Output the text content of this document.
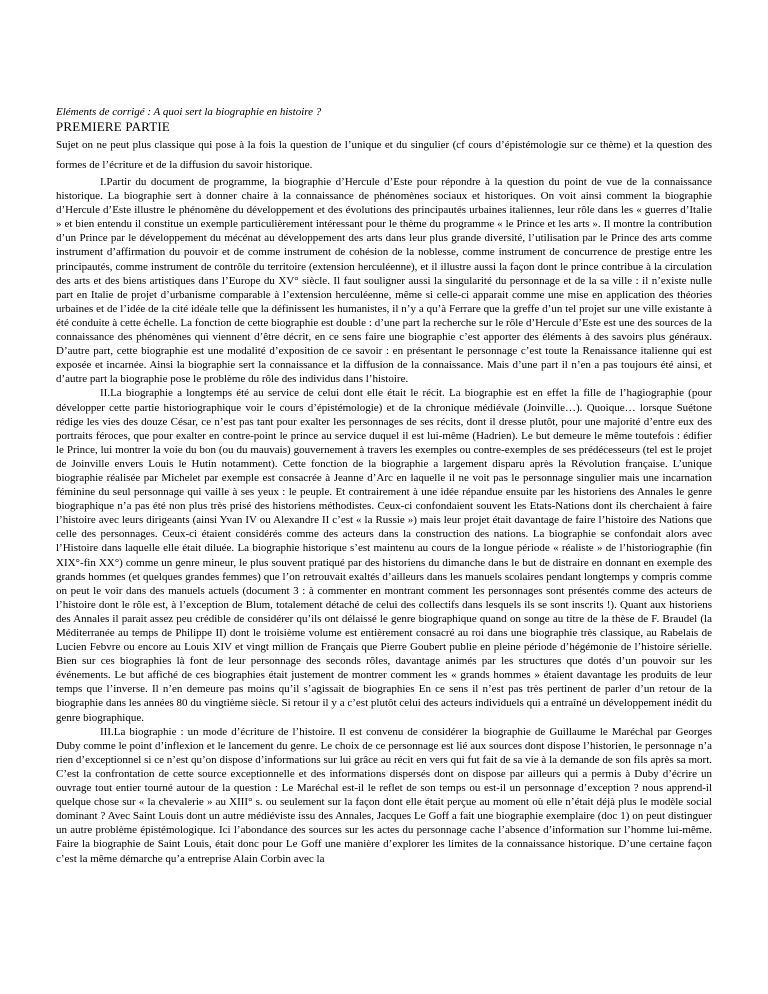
Eléments de corrigé : A quoi sert la biographie en histoire ?

PREMIERE PARTIE

Sujet on ne peut plus classique qui pose à la fois la question de l’unique et du singulier (cf cours d’épistémologie sur ce thème) et la question des formes de l’écriture et de la diffusion du savoir historique.

I.Partir du document de programme, la biographie d’Hercule d’Este pour répondre à la question du point de vue de la connaissance historique. La biographie sert à donner chaire à la connaissance de phénomènes sociaux et historiques. On voit ainsi comment la biographie d’Hercule d’Este illustre le phénomène du développement et des évolutions des principautés urbaines italiennes, leur rôle dans les « guerres d’Italie » et bien entendu il constitue un exemple particulièrement intéressant pour le thème du programme « le Prince et les arts ». Il montre la contribution d’un Prince par le développement du mécénat au développement des arts dans leur plus grande diversité, l’utilisation par le Prince des arts comme instrument d’affirmation du pouvoir et de comme instrument de cohésion de la noblesse, comme instrument de concurrence de prestige entre les principautés, comme instrument de contrôle du territoire (extension herculéenne), et il illustre aussi la façon dont le prince contribue à la circulation des arts et des biens artistiques dans l’Europe du XV° siècle. Il faut souligner aussi la singularité du personnage et de la sa ville : il n’existe nulle part en Italie de projet d’urbanisme comparable à l’extension herculéenne, même si celle-ci apparait comme une mise en application des théories urbaines et de l’idée de la cité idéale telle que la définissent les humanistes, il n’y a qu’à Ferrare que la greffe d’un tel projet sur une ville existante à été conduite à cette échelle. La fonction de cette biographie est double : d’une part la recherche sur le rôle d’Hercule d’Este est une des sources de la connaissance des phénomènes qui viennent d’être décrit, en ce sens faire une biographie c’est apporter des éléments à des savoirs plus généraux. D’autre part, cette biographie est une modalité d’exposition de ce savoir : en présentant le personnage c’est toute la Renaissance italienne qui est exposée et incarnée. Ainsi la biographie sert la connaissance et la diffusion de la connaissance. Mais d’une part il n’en a pas toujours été ainsi, et d’autre part la biographie pose le problème du rôle des individus dans l’histoire.

II.La biographie a longtemps été au service de celui dont elle était le récit. La biographie est en effet la fille de l’hagiographie (pour développer cette partie historiographique voir le cours d’épistémologie) et de la chronique médiévale (Joinville…). Quoique… lorsque Suétone rédige les vies des douze César, ce n’est pas tant pour exalter les personnages de ses récits, dont il dresse plutôt, pour une majorité d’entre eux des portraits féroces, que pour exalter en contre-point le prince au service duquel il est lui-même (Hadrien). Le but demeure le même toutefois : édifier le Prince, lui montrer la voie du bon (ou du mauvais) gouvernement à travers les exemples ou contre-exemples de ses prédécesseurs (tel est le projet de Joinville envers Louis le Hutin notamment). Cette fonction de la biographie a largement disparu après la Révolution française. L’unique biographie réalisée par Michelet par exemple est consacrée à Jeanne d’Arc en laquelle il ne voit pas le personnage singulier mais une incarnation féminine du seul personnage qui vaille à ses yeux : le peuple. Et contrairement à une idée répandue ensuite par les historiens des Annales le genre biographique n’a pas été non plus très prisé des historiens méthodistes. Ceux-ci confondaient souvent les Etats-Nations dont ils cherchaient à faire l’histoire avec leurs dirigeants (ainsi Yvan IV ou Alexandre II c’est « la Russie ») mais leur projet était davantage de faire l’histoire des Nations que celle des personnages. Ceux-ci étaient considérés comme des acteurs dans la construction des nations. La biographie se confondait alors avec l’Histoire dans laquelle elle était diluée. La biographie historique s’est maintenu au cours de la longue période « réaliste » de l’historiographie (fin XIX°-fin XX°) comme un genre mineur, le plus souvent pratiqué par des historiens du dimanche dans le but de distraire en donnant en exemple des grands hommes (et quelques grandes femmes) que l’on retrouvait exaltés d’ailleurs dans les manuels scolaires pendant longtemps y compris comme on peut le voir dans des manuels actuels (document 3 : à commenter en montrant comment les personnages sont présentés comme des acteurs de l’histoire dont le rôle est, à l’exception de Blum, totalement détaché de celui des collectifs dans lesquels ils se sont inscrits !). Quant aux historiens des Annales il parait assez peu crédible de considérer qu’ils ont délaissé le genre biographique quand on songe au titre de la thèse de F. Braudel (la Méditerranée au temps de Philippe II) dont le troisième volume est entièrement consacré au roi dans une biographie très classique, au Rabelais de Lucien Febvre ou encore au Louis XIV et vingt million de Français que Pierre Goubert publie en pleine période d’hégémonie de l’histoire sérielle. Bien sur ces biographies là font de leur personnage des seconds rôles, davantage animés par les structures que dotés d’un pouvoir sur les événements. Le but affiché de ces biographies était justement de montrer comment les « grands hommes » étaient davantage les produits de leur temps que l’inverse. Il n’en demeure pas moins qu’il s’agissait de biographies En ce sens il n’est pas très pertinent de parler d’un retour de la biographie dans les années 80 du vingtième siècle. Si retour il y a c’est plutôt celui des acteurs individuels qui a entraîné un développement inédit du genre biographique.

III.La biographie : un mode d’écriture de l’histoire. Il est convenu de considérer la biographie de Guillaume le Maréchal par Georges Duby comme le point d’inflexion et le lancement du genre. Le choix de ce personnage est lié aux sources dont dispose l’historien, le personnage n’a rien d’exceptionnel si ce n’est qu’on dispose d’informations sur lui grâce au récit en vers qui fut fait de sa vie à la demande de son fils après sa mort. C’est la confrontation de cette source exceptionnelle et des informations dispersés dont on dispose par ailleurs qui a permis à Duby d’écrire un ouvrage tout entier tourné autour de la question : Le Maréchal est-il le reflet de son temps ou est-il un personnage d’exception ? nous apprend-il quelque chose sur « la chevalerie » au XIII° s. ou seulement sur la façon dont elle était perçue au moment où elle n’était déjà plus le modèle social dominant ? Avec Saint Louis dont un autre médiéviste issu des Annales, Jacques Le Goff a fait une biographie exemplaire (doc 1) on peut distinguer un autre problème épistémologique. Ici l’abondance des sources sur les actes du personnage cache l’absence d’information sur l’homme lui-même. Faire la biographie de Saint Louis, était donc pour Le Goff une manière d’explorer les limites de la connaissance historique. D’une certaine façon c’est la même démarche qu’a entreprise Alain Corbin avec la
